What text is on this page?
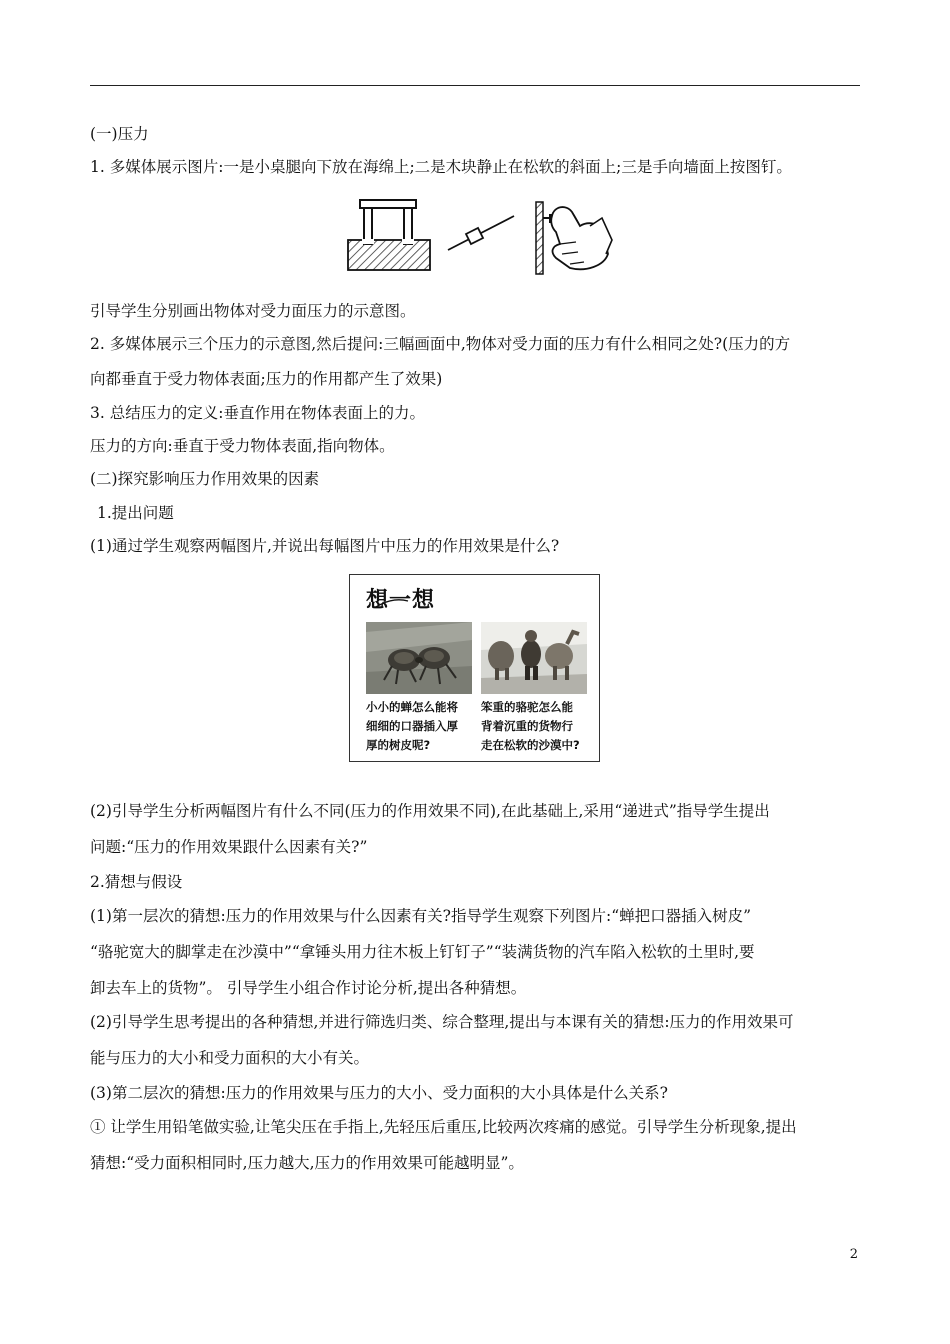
(一)压力
1. 多媒体展示图片:一是小桌腿向下放在海绵上;二是木块静止在松软的斜面上;三是手向墙面上按图钉。
引导学生分别画出物体对受力面压力的示意图。
2. 多媒体展示三个压力的示意图,然后提问:三幅画面中,物体对受力面的压力有什么相同之处?(压力的方
向都垂直于受力物体表面;压力的作用都产生了效果)
3. 总结压力的定义:垂直作用在物体表面上的力。
压力的方向:垂直于受力物体表面,指向物体。
(二)探究影响压力作用效果的因素
1.提出问题
(1)通过学生观察两幅图片,并说出每幅图片中压力的作用效果是什么?
想一想
小小的蝉怎么能将
细细的口器插入厚
厚的树皮呢?
笨重的骆驼怎么能
背着沉重的货物行
走在松软的沙漠中?
(2)引导学生分析两幅图片有什么不同(压力的作用效果不同),在此基础上,采用“递进式”指导学生提出
问题:“压力的作用效果跟什么因素有关?”
2.猜想与假设
(1)第一层次的猜想:压力的作用效果与什么因素有关?指导学生观察下列图片:“蝉把口器插入树皮”
“骆驼宽大的脚掌走在沙漠中”“拿锤头用力往木板上钉钉子”“装满货物的汽车陷入松软的土里时,要
卸去车上的货物”。 引导学生小组合作讨论分析,提出各种猜想。
(2)引导学生思考提出的各种猜想,并进行筛选归类、综合整理,提出与本课有关的猜想:压力的作用效果可
能与压力的大小和受力面积的大小有关。
(3)第二层次的猜想:压力的作用效果与压力的大小、受力面积的大小具体是什么关系?
① 让学生用铅笔做实验,让笔尖压在手指上,先轻压后重压,比较两次疼痛的感觉。引导学生分析现象,提出
猜想:“受力面积相同时,压力越大,压力的作用效果可能越明显”。
2
